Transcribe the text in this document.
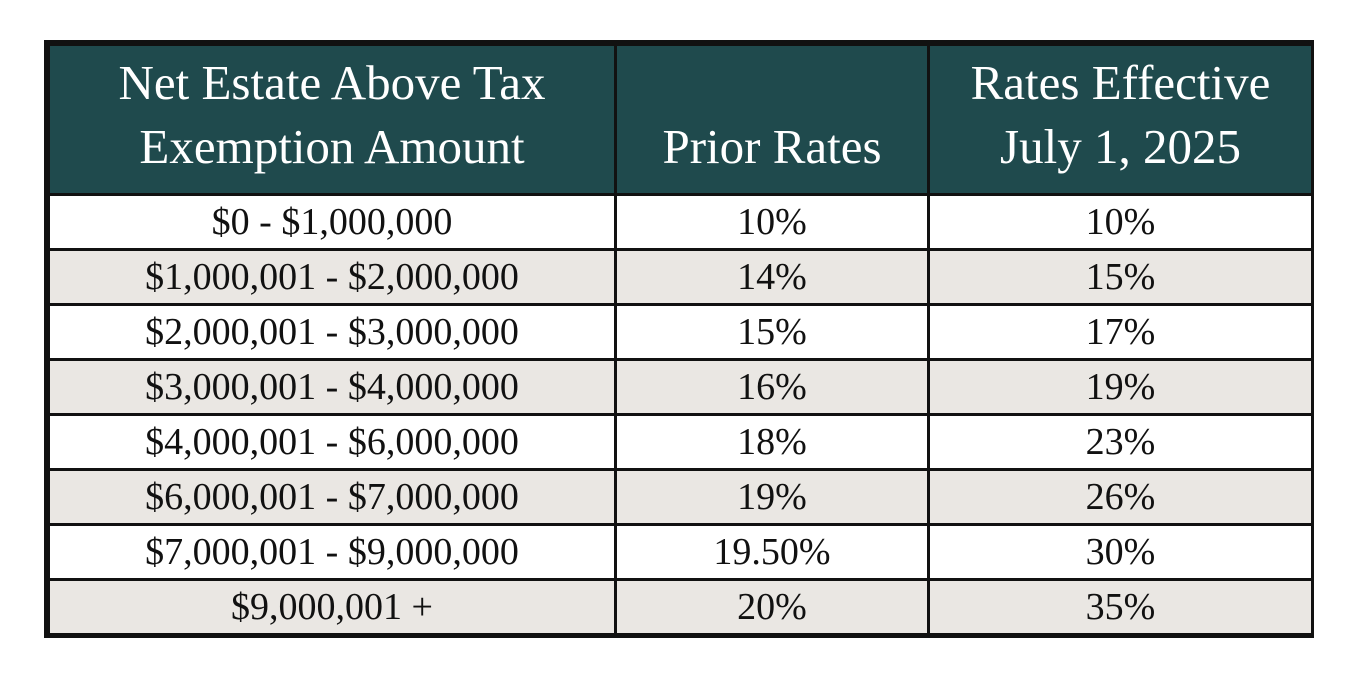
Net Estate Above Tax
Exemption Amount	Prior Rates	Rates Effective
July 1, 2025

$0 - $1,000,000	10%	10%
$1,000,001 - $2,000,000	14%	15%
$2,000,001 - $3,000,000	15%	17%
$3,000,001 - $4,000,000	16%	19%
$4,000,001 - $6,000,000	18%	23%
$6,000,001 - $7,000,000	19%	26%
$7,000,001 - $9,000,000	19.50%	30%
$9,000,001 +	20%	35%
